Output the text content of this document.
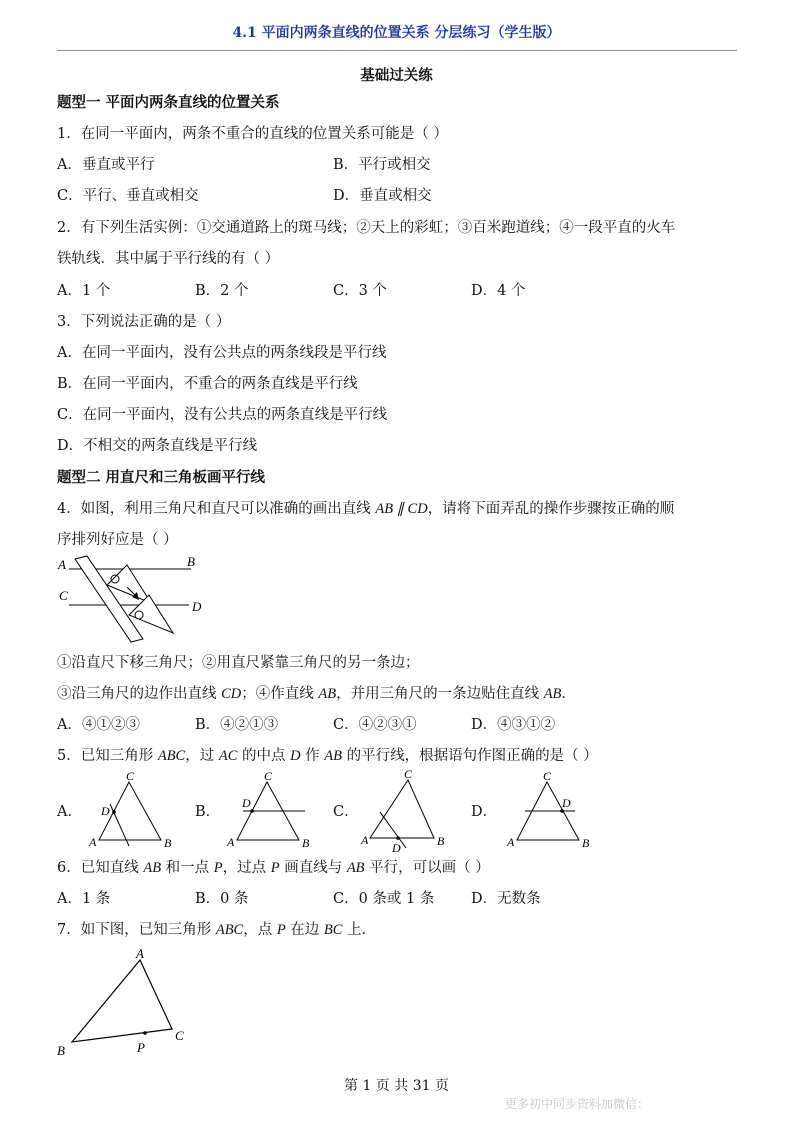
4.1 平面内两条直线的位置关系 分层练习（学生版）
基础过关练
题型一 平面内两条直线的位置关系
1．在同一平面内，两条不重合的直线的位置关系可能是（ ）
A．垂直或平行	B．平行或相交
C．平行、垂直或相交	D．垂直或相交
2．有下列生活实例：①交通道路上的斑马线；②天上的彩虹；③百米跑道线；④一段平直的火车
铁轨线．其中属于平行线的有（ ）
A．1 个	B．2 个	C．3 个	D．4 个
3．下列说法正确的是（ ）
A．在同一平面内，没有公共点的两条线段是平行线
B．在同一平面内，不重合的两条直线是平行线
C．在同一平面内，没有公共点的两条直线是平行线
D．不相交的两条直线是平行线
题型二 用直尺和三角板画平行线
4．如图，利用三角尺和直尺可以准确的画出直线 AB ∥ CD，请将下面弄乱的操作步骤按正确的顺
序排列好应是（ ）
A	B
C
D
①沿直尺下移三角尺；②用直尺紧靠三角尺的另一条边；
③沿三角尺的边作出直线 CD；④作直线 AB，并用三角尺的一条边贴住直线 AB．
A．④①②③	B．④②①③	C．④②③①	D．④③①②
5．已知三角形 ABC，过 AC 的中点 D 作 AB 的平行线，根据语句作图正确的是（ ）
A．
C
D
A	B
B．
C
D
A	B
C．
C
A	B
D
D．
C
D
A	B
6．已知直线 AB 和一点 P，过点 P 画直线与 AB 平行，可以画（ ）
A．1 条	B．0 条	C．0 条或 1 条	D．无数条
7．如下图，已知三角形 ABC，点 P 在边 BC 上．
A
B
C
P
第 1 页 共 31 页
更多初中同步资料加微信：
